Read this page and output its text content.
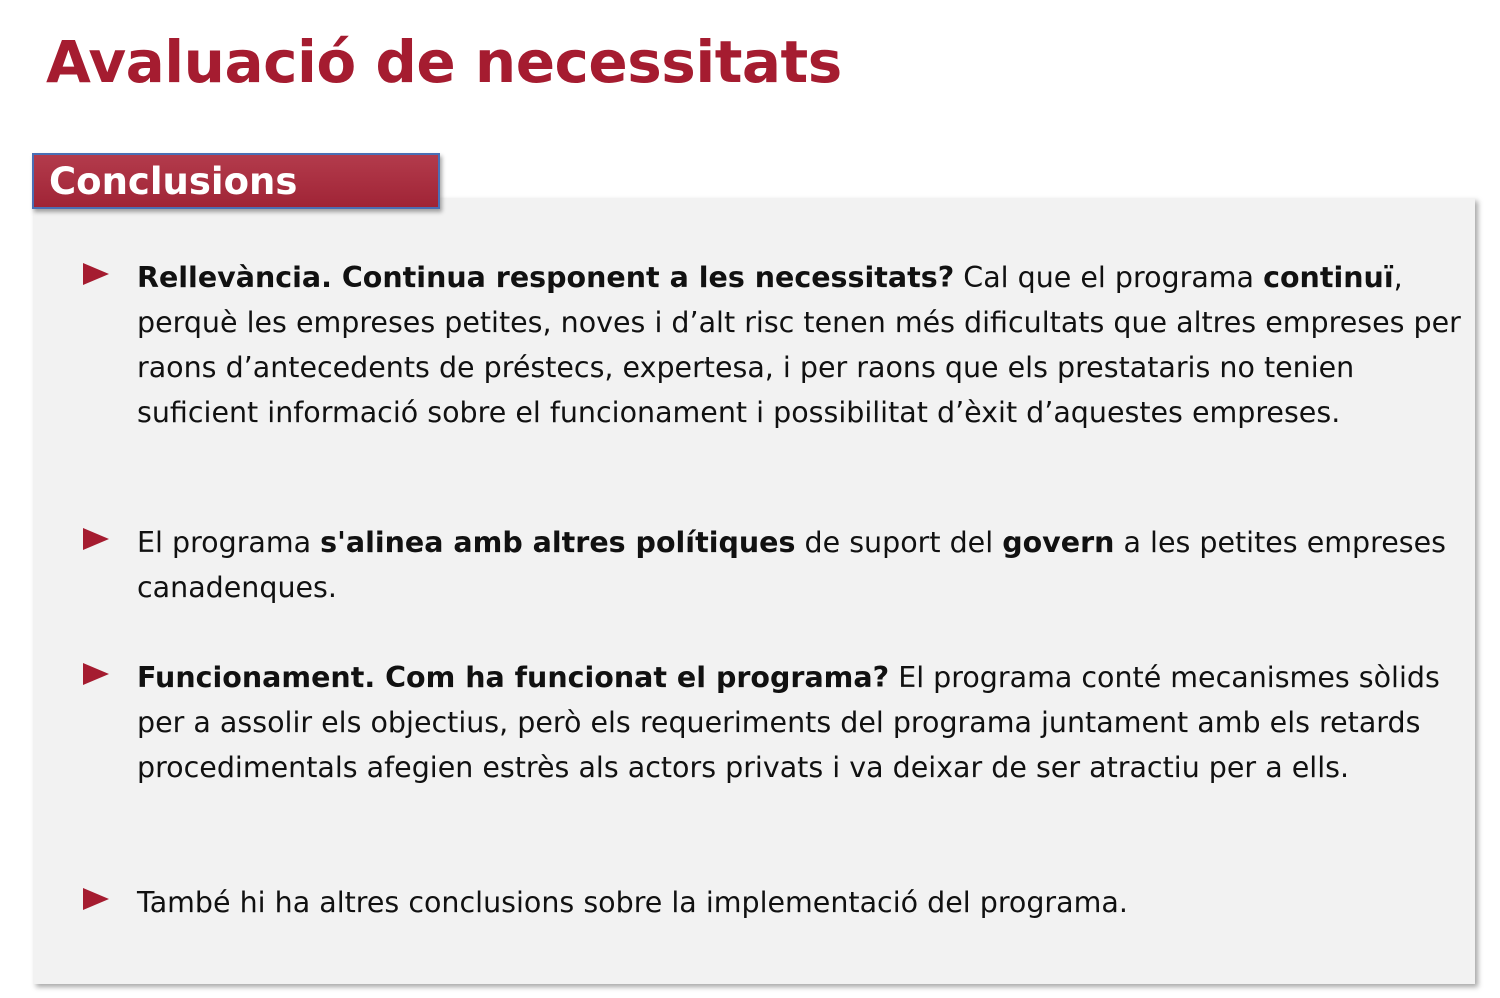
Avaluació de necessitats
Conclusions

Rellevància. Continua responent a les necessitats? Cal que el programa continuï, perquè les empreses petites, noves i d’alt risc tenen més dificultats que altres empreses per raons d’antecedents de préstecs, expertesa, i per raons que els prestataris no tenien suficient informació sobre el funcionament i possibilitat d’èxit d’aquestes empreses.

El programa s'alinea amb altres polítiques de suport del govern a les petites empreses canadenques.

Funcionament. Com ha funcionat el programa? El programa conté mecanismes sòlids per a assolir els objectius, però els requeriments del programa juntament amb els retards procedimentals afegien estrès als actors privats i va deixar de ser atractiu per a ells.

També hi ha altres conclusions sobre la implementació del programa.
